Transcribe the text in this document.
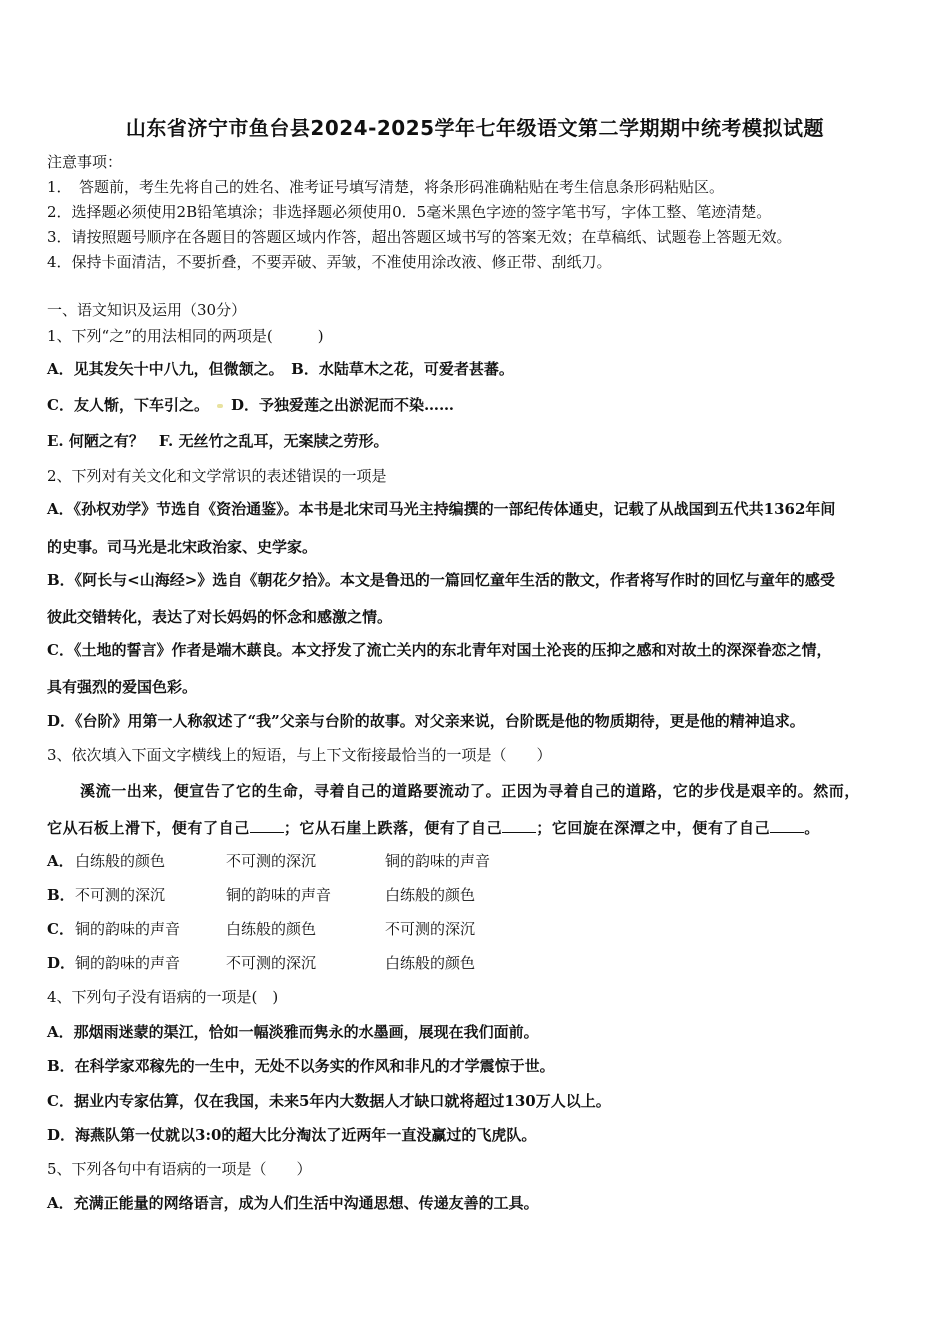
山东省济宁市鱼台县2024-2025学年七年级语文第二学期期中统考模拟试题
注意事项：
1．　答题前，考生先将自己的姓名、准考证号填写清楚，将条形码准确粘贴在考生信息条形码粘贴区。
2．选择题必须使用2B铅笔填涂；非选择题必须使用0．5毫米黑色字迹的签字笔书写，字体工整、笔迹清楚。
3．请按照题号顺序在各题目的答题区域内作答，超出答题区域书写的答案无效；在草稿纸、试题卷上答题无效。
4．保持卡面清洁，不要折叠，不要弄破、弄皱，不准使用涂改液、修正带、刮纸刀。
一、语文知识及运用（30分）
1、下列“之”的用法相同的两项是(　　　)
A．见其发矢十中八九，但微颔之。　B．水陆草木之花，可爱者甚蕃。
C．友人惭，下车引之。 D．予独爱莲之出淤泥而不染……
E. 何陋之有？　F. 无丝竹之乱耳，无案牍之劳形。
2、下列对有关文化和文学常识的表述错误的一项是
A．《孙权劝学》节选自《资治通鉴》。本书是北宋司马光主持编撰的一部纪传体通史，记载了从战国到五代共1362年间
的史事。司马光是北宋政治家、史学家。
B．《阿长与<山海经>》选自《朝花夕拾》。本文是鲁迅的一篇回忆童年生活的散文，作者将写作时的回忆与童年的感受
彼此交错转化，表达了对长妈妈的怀念和感激之情。
C．《土地的誓言》作者是端木蕻良。本文抒发了流亡关内的东北青年对国土沦丧的压抑之感和对故土的深深眷恋之情，
具有强烈的爱国色彩。
D．《台阶》用第一人称叙述了“我”父亲与台阶的故事。对父亲来说，台阶既是他的物质期待，更是他的精神追求。
3、依次填入下面文字横线上的短语，与上下文衔接最恰当的一项是（　　）
溪流一出来，便宣告了它的生命，寻着自己的道路要流动了。正因为寻着自己的道路，它的步伐是艰辛的。然而，
它从石板上滑下，便有了自己 ；它从石崖上跌落，便有了自己 ；它回旋在深潭之中，便有了自己 。
A． 白练般的颜色	不可测的深沉	铜的韵味的声音
B． 不可测的深沉	铜的韵味的声音	白练般的颜色
C． 铜的韵味的声音	白练般的颜色	不可测的深沉
D． 铜的韵味的声音	不可测的深沉	白练般的颜色
4、下列句子没有语病的一项是(　)
A．那烟雨迷蒙的渠江，恰如一幅淡雅而隽永的水墨画，展现在我们面前。
B．在科学家邓稼先的一生中，无处不以务实的作风和非凡的才学震惊于世。
C．据业内专家估算，仅在我国，未来5年内大数据人才缺口就将超过130万人以上。
D．海燕队第一仗就以3:0的超大比分淘汰了近两年一直没赢过的飞虎队。
5、下列各句中有语病的一项是（　　）
A．充满正能量的网络语言，成为人们生活中沟通思想、传递友善的工具。
